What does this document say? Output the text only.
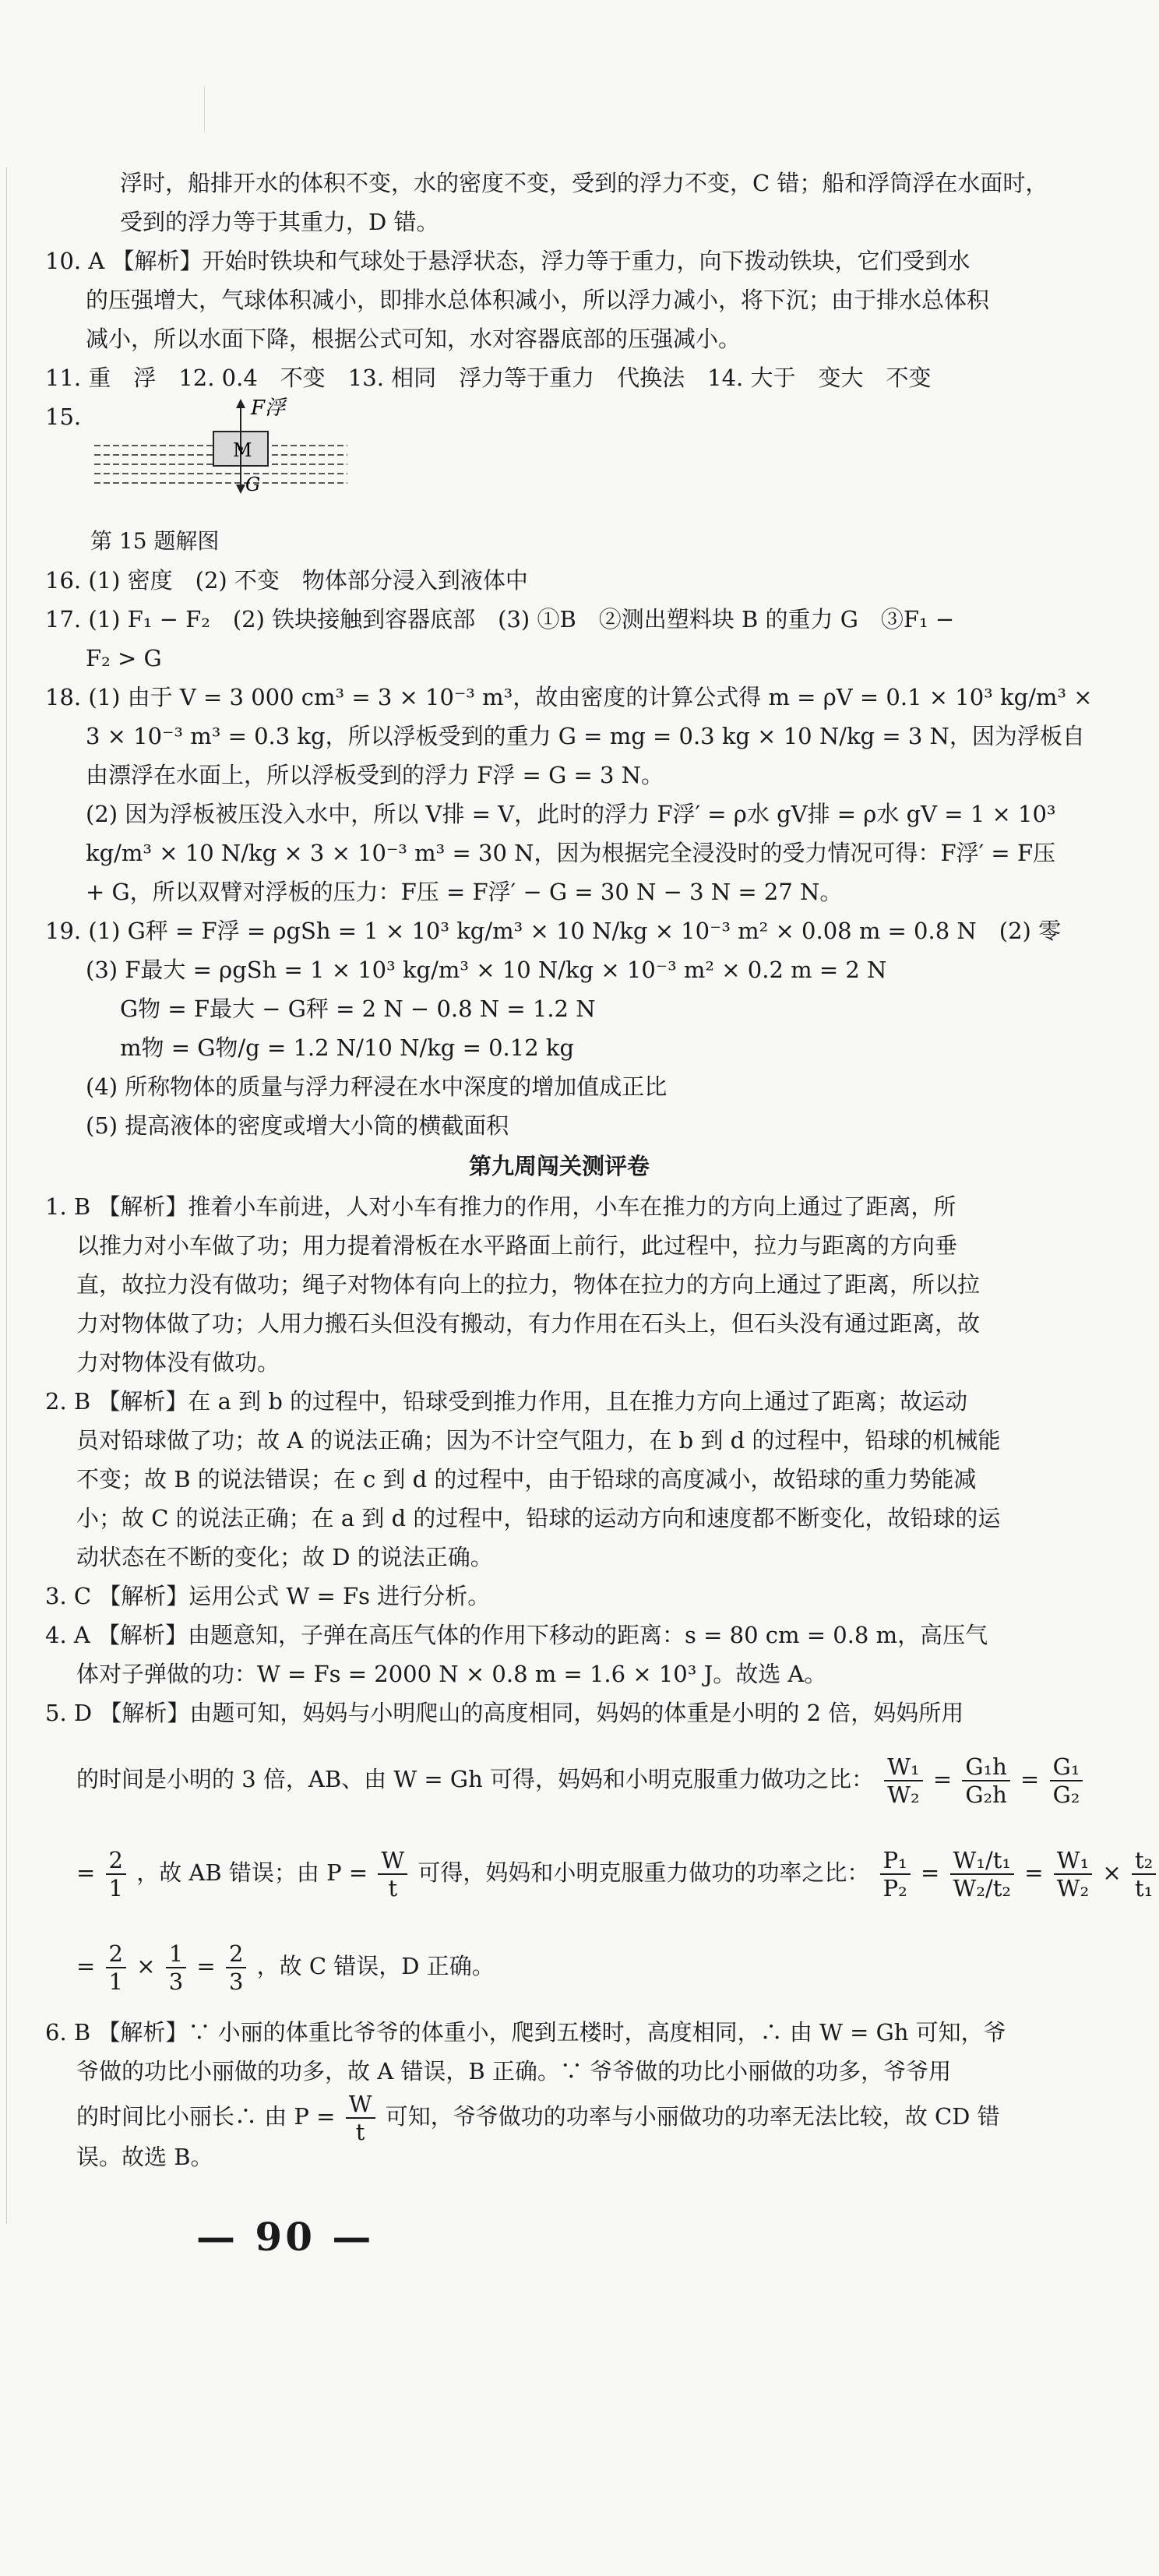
浮时，船排开水的体积不变，水的密度不变，受到的浮力不变，C 错；船和浮筒浮在水面时，
受到的浮力等于其重力，D 错。
10. A 【解析】开始时铁块和气球处于悬浮状态，浮力等于重力，向下拨动铁块，它们受到水
的压强增大，气球体积减小，即排水总体积减小，所以浮力减小，将下沉；由于排水总体积
减小，所以水面下降，根据公式可知，水对容器底部的压强减小。
11. 重　浮　12. 0.4　不变　13. 相同　浮力等于重力　代换法　14. 大于　变大　不变
15.	F浮
M
G
第 15 题解图
16. (1) 密度　(2) 不变　物体部分浸入到液体中
17. (1) F₁ − F₂　(2) 铁块接触到容器底部　(3) ①B　②测出塑料块 B 的重力 G　③F₁ −
F₂ > G
18. (1) 由于 V = 3 000 cm³ = 3 × 10⁻³ m³，故由密度的计算公式得 m = ρV = 0.1 × 10³ kg/m³ ×
3 × 10⁻³ m³ = 0.3 kg，所以浮板受到的重力 G = mg = 0.3 kg × 10 N/kg = 3 N，因为浮板自
由漂浮在水面上，所以浮板受到的浮力 F浮 = G = 3 N。
(2) 因为浮板被压没入水中，所以 V排 = V，此时的浮力 F浮′ = ρ水 gV排 = ρ水 gV = 1 × 10³
kg/m³ × 10 N/kg × 3 × 10⁻³ m³ = 30 N，因为根据完全浸没时的受力情况可得：F浮′ = F压
+ G，所以双臂对浮板的压力：F压 = F浮′ − G = 30 N − 3 N = 27 N。
19. (1) G秤 = F浮 = ρgSh = 1 × 10³ kg/m³ × 10 N/kg × 10⁻³ m² × 0.08 m = 0.8 N　(2) 零
(3) F最大 = ρgSh = 1 × 10³ kg/m³ × 10 N/kg × 10⁻³ m² × 0.2 m = 2 N
G物 = F最大 − G秤 = 2 N − 0.8 N = 1.2 N
m物 = G物/g = 1.2 N/10 N/kg = 0.12 kg
(4) 所称物体的质量与浮力秤浸在水中深度的增加值成正比
(5) 提高液体的密度或增大小筒的横截面积
第九周闯关测评卷
1. B 【解析】推着小车前进，人对小车有推力的作用，小车在推力的方向上通过了距离，所
以推力对小车做了功；用力提着滑板在水平路面上前行，此过程中，拉力与距离的方向垂
直，故拉力没有做功；绳子对物体有向上的拉力，物体在拉力的方向上通过了距离，所以拉
力对物体做了功；人用力搬石头但没有搬动，有力作用在石头上，但石头没有通过距离，故
力对物体没有做功。
2. B 【解析】在 a 到 b 的过程中，铅球受到推力作用，且在推力方向上通过了距离；故运动
员对铅球做了功；故 A 的说法正确；因为不计空气阻力，在 b 到 d 的过程中，铅球的机械能
不变；故 B 的说法错误；在 c 到 d 的过程中，由于铅球的高度减小，故铅球的重力势能减
小；故 C 的说法正确；在 a 到 d 的过程中，铅球的运动方向和速度都不断变化，故铅球的运
动状态在不断的变化；故 D 的说法正确。
3. C 【解析】运用公式 W = Fs 进行分析。
4. A 【解析】由题意知，子弹在高压气体的作用下移动的距离：s = 80 cm = 0.8 m，高压气
体对子弹做的功：W = Fs = 2000 N × 0.8 m = 1.6 × 10³ J。故选 A。
5. D 【解析】由题可知，妈妈与小明爬山的高度相同，妈妈的体重是小明的 2 倍，妈妈所用
的时间是小明的 3 倍，AB、由 W = Gh 可得，妈妈和小明克服重力做功之比： $\frac{\text{W₁}}{\text{W₂}} = \frac{\text{G₁h}}{\text{G₂h}} = \frac{\text{G₁}}{\text{G₂}}$
= $\frac{2}{1}$ ，故 AB 错误；由 $P = \frac{W}{t}$ 可得，妈妈和小明克服重力做功的功率之比： $\frac{\text{P₁}}{\text{P₂}} = \frac{\text{W₁/t₁}}{\text{W₂/t₂}} = \frac{\text{W₁}}{\text{W₂}} \times \frac{\text{t₂}}{\text{t₁}}$
= $\frac{2}{1} \times \frac{1}{3} = \frac{2}{3}$ ，故 C 错误，D 正确。
6. B 【解析】∵ 小丽的体重比爷爷的体重小，爬到五楼时，高度相同，∴ 由 W = Gh 可知，爷
爷做的功比小丽做的功多，故 A 错误，B 正确。∵ 爷爷做的功比小丽做的功多，爷爷用
的时间比小丽长∴ 由 $P = \frac{W}{t}$ 可知，爷爷做功的功率与小丽做功的功率无法比较，故 CD 错
误。故选 B。
— 90 —
